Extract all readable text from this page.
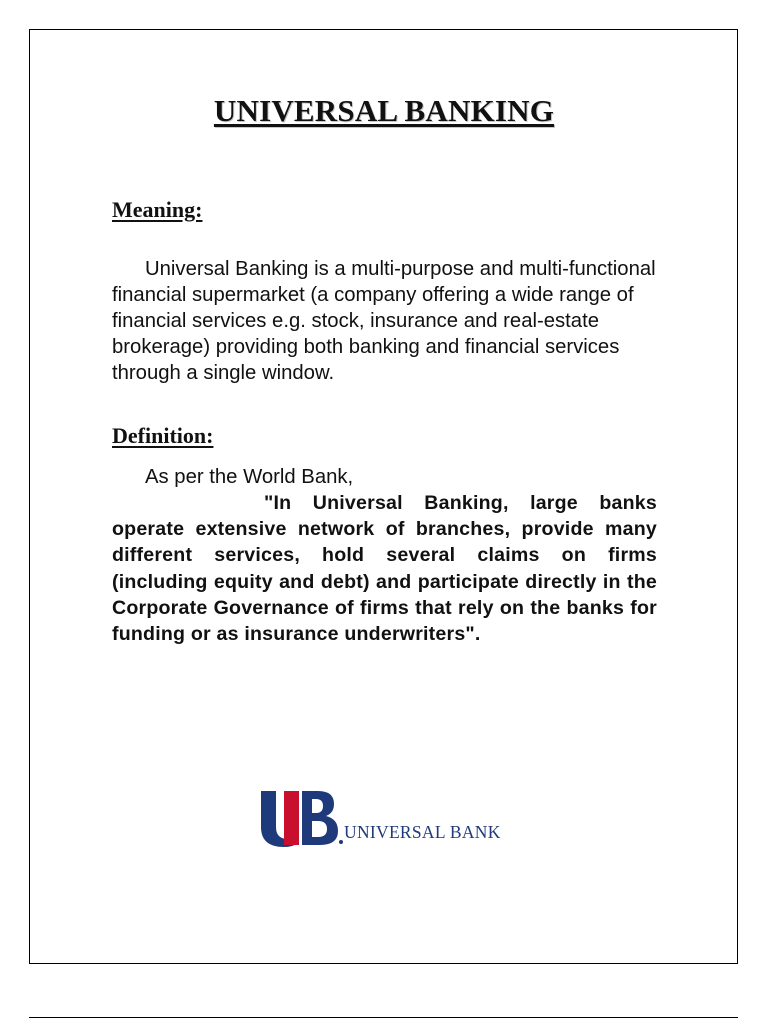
UNIVERSAL BANKING
Meaning:

Universal Banking is a multi-purpose and multi-functional financial supermarket (a company offering a wide range of financial services e.g. stock, insurance and real-estate brokerage) providing both banking and financial services through a single window.

Definition:

As per the World Bank,

"In Universal Banking, large banks operate extensive network of branches, provide many different services, hold several claims on firms (including equity and debt) and participate directly in the Corporate Governance of firms that rely on the banks for funding or as insurance underwriters".

UNIVERSAL BANK
